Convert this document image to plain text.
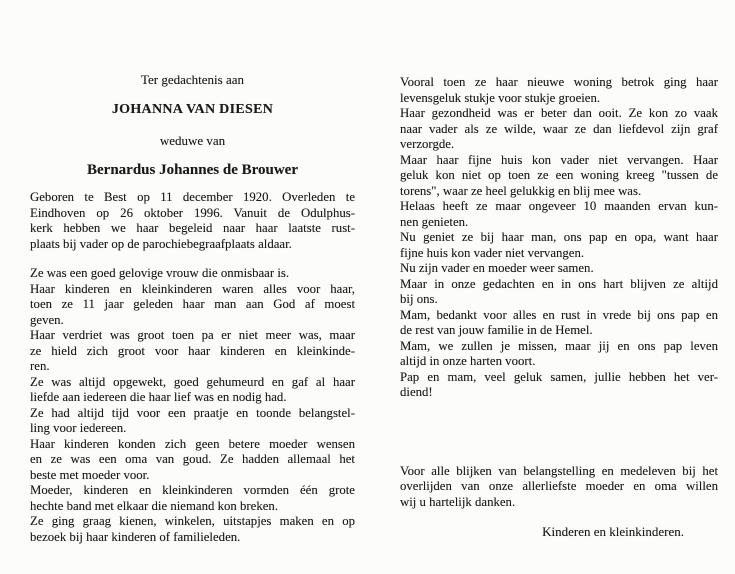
Ter gedachtenis aan
JOHANNA VAN DIESEN
weduwe van
Bernardus Johannes de Brouwer
Geboren te Best op 11 december 1920. Overleden te
Eindhoven op 26 oktober 1996. Vanuit de Odulphus-
kerk hebben we haar begeleid naar haar laatste rust-
plaats bij vader op de parochiebegraafplaats aldaar.
Ze was een goed gelovige vrouw die onmisbaar is.
Haar kinderen en kleinkinderen waren alles voor haar,
toen ze 11 jaar geleden haar man aan God af moest
geven.
Haar verdriet was groot toen pa er niet meer was, maar
ze hield zich groot voor haar kinderen en kleinkinde-
ren.
Ze was altijd opgewekt, goed gehumeurd en gaf al haar
liefde aan iedereen die haar lief was en nodig had.
Ze had altijd tijd voor een praatje en toonde belangstel-
ling voor iedereen.
Haar kinderen konden zich geen betere moeder wensen
en ze was een oma van goud. Ze hadden allemaal het
beste met moeder voor.
Moeder, kinderen en kleinkinderen vormden één grote
hechte band met elkaar die niemand kon breken.
Ze ging graag kienen, winkelen, uitstapjes maken en op
bezoek bij haar kinderen of familieleden.
Vooral toen ze haar nieuwe woning betrok ging haar
levensgeluk stukje voor stukje groeien.
Haar gezondheid was er beter dan ooit. Ze kon zo vaak
naar vader als ze wilde, waar ze dan liefdevol zijn graf
verzorgde.
Maar haar fijne huis kon vader niet vervangen. Haar
geluk kon niet op toen ze een woning kreeg "tussen de
torens", waar ze heel gelukkig en blij mee was.
Helaas heeft ze maar ongeveer 10 maanden ervan kun-
nen genieten.
Nu geniet ze bij haar man, ons pap en opa, want haar
fijne huis kon vader niet vervangen.
Nu zijn vader en moeder weer samen.
Maar in onze gedachten en in ons hart blijven ze altijd
bij ons.
Mam, bedankt voor alles en rust in vrede bij ons pap en
de rest van jouw familie in de Hemel.
Mam, we zullen je missen, maar jij en ons pap leven
altijd in onze harten voort.
Pap en mam, veel geluk samen, jullie hebben het ver-
diend!
Voor alle blijken van belangstelling en medeleven bij het
overlijden van onze allerliefste moeder en oma willen
wij u hartelijk danken.
Kinderen en kleinkinderen.
